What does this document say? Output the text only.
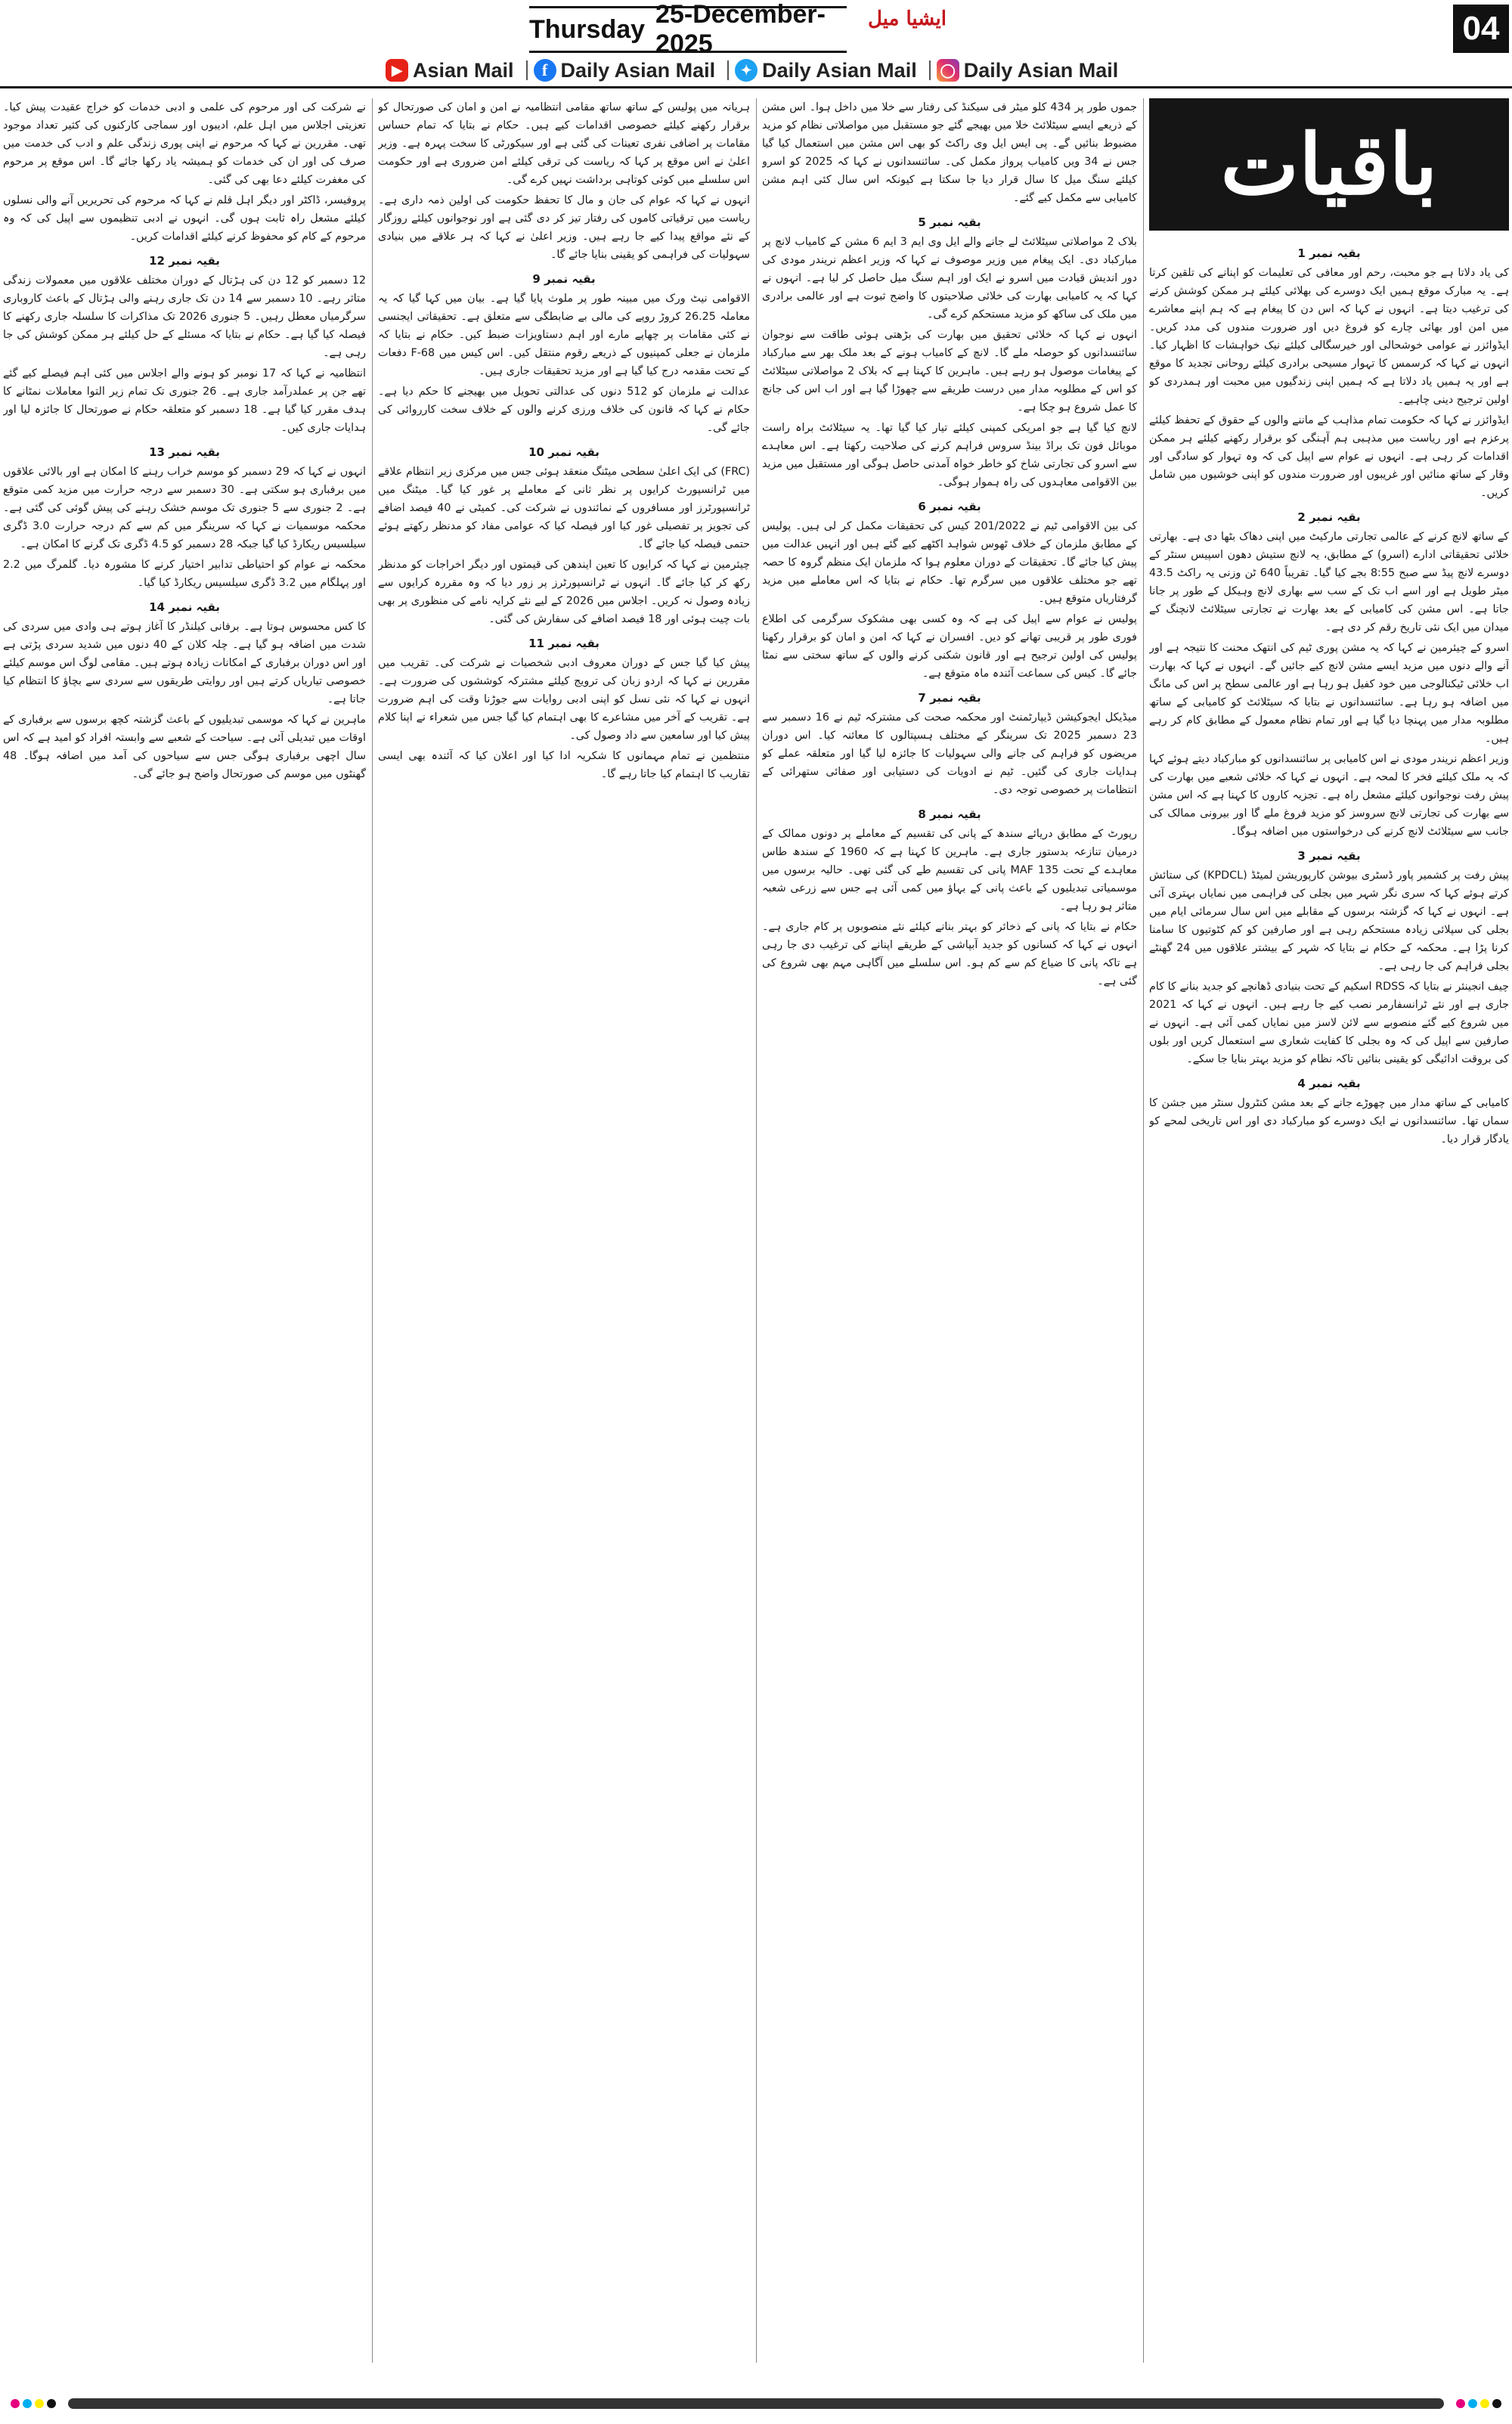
Thursday
25-December-2025
ایشیا میل	04
▶ Asian Mail	f Daily Asian Mail	✦ Daily Asian Mail ◯ Daily Asian Mail
باقیات
بقیہ نمبر 1

کی یاد دلاتا ہے جو محبت، رحم اور معافی کی تعلیمات کو اپنانے کی تلقین کرتا ہے۔ یہ مبارک موقع ہمیں ایک دوسرے کی بھلائی کیلئے ہر ممکن کوشش کرنے کی ترغیب دیتا ہے۔ انہوں نے کہا کہ اس دن کا پیغام ہے کہ ہم اپنے معاشرے میں امن اور بھائی چارے کو فروغ دیں اور ضرورت مندوں کی مدد کریں۔ ایڈوائزر نے عوامی خوشحالی اور خیرسگالی کیلئے نیک خواہشات کا اظہار کیا۔ انہوں نے کہا کہ کرسمس کا تہوار مسیحی برادری کیلئے روحانی تجدید کا موقع ہے اور یہ ہمیں یاد دلاتا ہے کہ ہمیں اپنی زندگیوں میں محبت اور ہمدردی کو اولین ترجیح دینی چاہیے۔

ایڈوائزر نے کہا کہ حکومت تمام مذاہب کے ماننے والوں کے حقوق کے تحفظ کیلئے پرعزم ہے اور ریاست میں مذہبی ہم آہنگی کو برقرار رکھنے کیلئے ہر ممکن اقدامات کر رہی ہے۔ انہوں نے عوام سے اپیل کی کہ وہ تہوار کو سادگی اور وقار کے ساتھ منائیں اور غریبوں اور ضرورت مندوں کو اپنی خوشیوں میں شامل کریں۔

بقیہ نمبر 2

کے ساتھ لانچ کرنے کے عالمی تجارتی مارکیٹ میں اپنی دھاک بٹھا دی ہے۔ بھارتی خلائی تحقیقاتی ادارے (اسرو) کے مطابق، یہ لانچ ستیش دھون اسپیس سنٹر کے دوسرے لانچ پیڈ سے صبح 8:55 بجے کیا گیا۔ تقریباً 640 ٹن وزنی یہ راکٹ 43.5 میٹر طویل ہے اور اسے اب تک کے سب سے بھاری لانچ وہیکل کے طور پر جانا جاتا ہے۔ اس مشن کی کامیابی کے بعد بھارت نے تجارتی سیٹلائٹ لانچنگ کے میدان میں ایک نئی تاریخ رقم کر دی ہے۔

اسرو کے چیئرمین نے کہا کہ یہ مشن پوری ٹیم کی انتھک محنت کا نتیجہ ہے اور آنے والے دنوں میں مزید ایسے مشن لانچ کیے جائیں گے۔ انہوں نے کہا کہ بھارت اب خلائی ٹیکنالوجی میں خود کفیل ہو رہا ہے اور عالمی سطح پر اس کی مانگ میں اضافہ ہو رہا ہے۔ سائنسدانوں نے بتایا کہ سیٹلائٹ کو کامیابی کے ساتھ مطلوبہ مدار میں پہنچا دیا گیا ہے اور تمام نظام معمول کے مطابق کام کر رہے ہیں۔

وزیر اعظم نریندر مودی نے اس کامیابی پر سائنسدانوں کو مبارکباد دیتے ہوئے کہا کہ یہ ملک کیلئے فخر کا لمحہ ہے۔ انہوں نے کہا کہ خلائی شعبے میں بھارت کی پیش رفت نوجوانوں کیلئے مشعل راہ ہے۔ تجزیہ کاروں کا کہنا ہے کہ اس مشن سے بھارت کی تجارتی لانچ سروسز کو مزید فروغ ملے گا اور بیرونی ممالک کی جانب سے سیٹلائٹ لانچ کرنے کی درخواستوں میں اضافہ ہوگا۔

بقیہ نمبر 3

پیش رفت پر کشمیر پاور ڈسٹری بیوشن کارپوریشن لمیٹڈ (KPDCL) کی ستائش کرتے ہوئے کہا کہ سری نگر شہر میں بجلی کی فراہمی میں نمایاں بہتری آئی ہے۔ انہوں نے کہا کہ گزشتہ برسوں کے مقابلے میں اس سال سرمائی ایام میں بجلی کی سپلائی زیادہ مستحکم رہی ہے اور صارفین کو کم کٹوتیوں کا سامنا کرنا پڑا ہے۔ محکمہ کے حکام نے بتایا کہ شہر کے بیشتر علاقوں میں 24 گھنٹے بجلی فراہم کی جا رہی ہے۔

چیف انجینئر نے بتایا کہ RDSS اسکیم کے تحت بنیادی ڈھانچے کو جدید بنانے کا کام جاری ہے اور نئے ٹرانسفارمر نصب کیے جا رہے ہیں۔ انہوں نے کہا کہ 2021 میں شروع کیے گئے منصوبے سے لائن لاسز میں نمایاں کمی آئی ہے۔ انہوں نے صارفین سے اپیل کی کہ وہ بجلی کا کفایت شعاری سے استعمال کریں اور بلوں کی بروقت ادائیگی کو یقینی بنائیں تاکہ نظام کو مزید بہتر بنایا جا سکے۔

بقیہ نمبر 4

کامیابی کے ساتھ مدار میں چھوڑے جانے کے بعد مشن کنٹرول سنٹر میں جشن کا سماں تھا۔ سائنسدانوں نے ایک دوسرے کو مبارکباد دی اور اس تاریخی لمحے کو یادگار قرار دیا۔

جموں طور پر 434 کلو میٹر فی سیکنڈ کی رفتار سے خلا میں داخل ہوا۔ اس مشن کے ذریعے ایسے سیٹلائٹ خلا میں بھیجے گئے جو مستقبل میں مواصلاتی نظام کو مزید مضبوط بنائیں گے۔ پی ایس ایل وی راکٹ کو بھی اس مشن میں استعمال کیا گیا جس نے 34 ویں کامیاب پرواز مکمل کی۔ سائنسدانوں نے کہا کہ 2025 کو اسرو کیلئے سنگ میل کا سال قرار دیا جا سکتا ہے کیونکہ اس سال کئی اہم مشن کامیابی سے مکمل کیے گئے۔

بقیہ نمبر 5

بلاک 2 مواصلاتی سیٹلائٹ لے جانے والے ایل وی ایم 3 ایم 6 مشن کے کامیاب لانچ پر مبارکباد دی۔ ایک پیغام میں وزیر موصوف نے کہا کہ وزیر اعظم نریندر مودی کی دور اندیش قیادت میں اسرو نے ایک اور اہم سنگ میل حاصل کر لیا ہے۔ انہوں نے کہا کہ یہ کامیابی بھارت کی خلائی صلاحیتوں کا واضح ثبوت ہے اور عالمی برادری میں ملک کی ساکھ کو مزید مستحکم کرے گی۔

انہوں نے کہا کہ خلائی تحقیق میں بھارت کی بڑھتی ہوئی طاقت سے نوجوان سائنسدانوں کو حوصلہ ملے گا۔ لانچ کے کامیاب ہونے کے بعد ملک بھر سے مبارکباد کے پیغامات موصول ہو رہے ہیں۔ ماہرین کا کہنا ہے کہ بلاک 2 مواصلاتی سیٹلائٹ کو اس کے مطلوبہ مدار میں درست طریقے سے چھوڑا گیا ہے اور اب اس کی جانچ کا عمل شروع ہو چکا ہے۔

لانچ کیا گیا ہے جو امریکی کمپنی کیلئے تیار کیا گیا تھا۔ یہ سیٹلائٹ براہ راست موبائل فون تک براڈ بینڈ سروس فراہم کرنے کی صلاحیت رکھتا ہے۔ اس معاہدے سے اسرو کی تجارتی شاخ کو خاطر خواہ آمدنی حاصل ہوگی اور مستقبل میں مزید بین الاقوامی معاہدوں کی راہ ہموار ہوگی۔

بقیہ نمبر 6

کی بین الاقوامی ٹیم نے 201/2022 کیس کی تحقیقات مکمل کر لی ہیں۔ پولیس کے مطابق ملزمان کے خلاف ٹھوس شواہد اکٹھے کیے گئے ہیں اور انہیں عدالت میں پیش کیا جائے گا۔ تحقیقات کے دوران معلوم ہوا کہ ملزمان ایک منظم گروہ کا حصہ تھے جو مختلف علاقوں میں سرگرم تھا۔ حکام نے بتایا کہ اس معاملے میں مزید گرفتاریاں متوقع ہیں۔

پولیس نے عوام سے اپیل کی ہے کہ وہ کسی بھی مشکوک سرگرمی کی اطلاع فوری طور پر قریبی تھانے کو دیں۔ افسران نے کہا کہ امن و امان کو برقرار رکھنا پولیس کی اولین ترجیح ہے اور قانون شکنی کرنے والوں کے ساتھ سختی سے نمٹا جائے گا۔ کیس کی سماعت آئندہ ماہ متوقع ہے۔

بقیہ نمبر 7

میڈیکل ایجوکیشن ڈیپارٹمنٹ اور محکمہ صحت کی مشترکہ ٹیم نے 16 دسمبر سے 23 دسمبر 2025 تک سرینگر کے مختلف ہسپتالوں کا معائنہ کیا۔ اس دوران مریضوں کو فراہم کی جانے والی سہولیات کا جائزہ لیا گیا اور متعلقہ عملے کو ہدایات جاری کی گئیں۔ ٹیم نے ادویات کی دستیابی اور صفائی ستھرائی کے انتظامات پر خصوصی توجہ دی۔

بقیہ نمبر 8

رپورٹ کے مطابق دریائے سندھ کے پانی کی تقسیم کے معاملے پر دونوں ممالک کے درمیان تنازعہ بدستور جاری ہے۔ ماہرین کا کہنا ہے کہ 1960 کے سندھ طاس معاہدے کے تحت 135 MAF پانی کی تقسیم طے کی گئی تھی۔ حالیہ برسوں میں موسمیاتی تبدیلیوں کے باعث پانی کے بہاؤ میں کمی آئی ہے جس سے زرعی شعبہ متاثر ہو رہا ہے۔

حکام نے بتایا کہ پانی کے ذخائر کو بہتر بنانے کیلئے نئے منصوبوں پر کام جاری ہے۔ انہوں نے کہا کہ کسانوں کو جدید آبپاشی کے طریقے اپنانے کی ترغیب دی جا رہی ہے تاکہ پانی کا ضیاع کم سے کم ہو۔ اس سلسلے میں آگاہی مہم بھی شروع کی گئی ہے۔

ہریانہ میں پولیس کے ساتھ ساتھ مقامی انتظامیہ نے امن و امان کی صورتحال کو برقرار رکھنے کیلئے خصوصی اقدامات کیے ہیں۔ حکام نے بتایا کہ تمام حساس مقامات پر اضافی نفری تعینات کی گئی ہے اور سیکورٹی کا سخت پہرہ ہے۔ وزیر اعلیٰ نے اس موقع پر کہا کہ ریاست کی ترقی کیلئے امن ضروری ہے اور حکومت اس سلسلے میں کوئی کوتاہی برداشت نہیں کرے گی۔

انہوں نے کہا کہ عوام کی جان و مال کا تحفظ حکومت کی اولین ذمہ داری ہے۔ ریاست میں ترقیاتی کاموں کی رفتار تیز کر دی گئی ہے اور نوجوانوں کیلئے روزگار کے نئے مواقع پیدا کیے جا رہے ہیں۔ وزیر اعلیٰ نے کہا کہ ہر علاقے میں بنیادی سہولیات کی فراہمی کو یقینی بنایا جائے گا۔

بقیہ نمبر 9

الاقوامی نیٹ ورک میں مبینہ طور پر ملوث پایا گیا ہے۔ بیان میں کہا گیا کہ یہ معاملہ 26.25 کروڑ روپے کی مالی بے ضابطگی سے متعلق ہے۔ تحقیقاتی ایجنسی نے کئی مقامات پر چھاپے مارے اور اہم دستاویزات ضبط کیں۔ حکام نے بتایا کہ ملزمان نے جعلی کمپنیوں کے ذریعے رقوم منتقل کیں۔ اس کیس میں F-68 دفعات کے تحت مقدمہ درج کیا گیا ہے اور مزید تحقیقات جاری ہیں۔

عدالت نے ملزمان کو 512 دنوں کی عدالتی تحویل میں بھیجنے کا حکم دیا ہے۔ حکام نے کہا کہ قانون کی خلاف ورزی کرنے والوں کے خلاف سخت کارروائی کی جائے گی۔

بقیہ نمبر 10

(FRC) کی ایک اعلیٰ سطحی میٹنگ منعقد ہوئی جس میں مرکزی زیر انتظام علاقے میں ٹرانسپورٹ کرایوں پر نظر ثانی کے معاملے پر غور کیا گیا۔ میٹنگ میں ٹرانسپورٹرز اور مسافروں کے نمائندوں نے شرکت کی۔ کمیٹی نے 40 فیصد اضافے کی تجویز پر تفصیلی غور کیا اور فیصلہ کیا کہ عوامی مفاد کو مدنظر رکھتے ہوئے حتمی فیصلہ کیا جائے گا۔

چیئرمین نے کہا کہ کرایوں کا تعین ایندھن کی قیمتوں اور دیگر اخراجات کو مدنظر رکھ کر کیا جائے گا۔ انہوں نے ٹرانسپورٹرز پر زور دیا کہ وہ مقررہ کرایوں سے زیادہ وصول نہ کریں۔ اجلاس میں 2026 کے لیے نئے کرایہ نامے کی منظوری پر بھی بات چیت ہوئی اور 18 فیصد اضافے کی سفارش کی گئی۔

بقیہ نمبر 11

پیش کیا گیا جس کے دوران معروف ادبی شخصیات نے شرکت کی۔ تقریب میں مقررین نے کہا کہ اردو زبان کی ترویج کیلئے مشترکہ کوششوں کی ضرورت ہے۔ انہوں نے کہا کہ نئی نسل کو اپنی ادبی روایات سے جوڑنا وقت کی اہم ضرورت ہے۔ تقریب کے آخر میں مشاعرے کا بھی اہتمام کیا گیا جس میں شعراء نے اپنا کلام پیش کیا اور سامعین سے داد وصول کی۔

منتظمین نے تمام مہمانوں کا شکریہ ادا کیا اور اعلان کیا کہ آئندہ بھی ایسی تقاریب کا اہتمام کیا جاتا رہے گا۔

نے شرکت کی اور مرحوم کی علمی و ادبی خدمات کو خراج عقیدت پیش کیا۔ تعزیتی اجلاس میں اہل علم، ادیبوں اور سماجی کارکنوں کی کثیر تعداد موجود تھی۔ مقررین نے کہا کہ مرحوم نے اپنی پوری زندگی علم و ادب کی خدمت میں صرف کی اور ان کی خدمات کو ہمیشہ یاد رکھا جائے گا۔ اس موقع پر مرحوم کی مغفرت کیلئے دعا بھی کی گئی۔

پروفیسر، ڈاکٹر اور دیگر اہل قلم نے کہا کہ مرحوم کی تحریریں آنے والی نسلوں کیلئے مشعل راہ ثابت ہوں گی۔ انہوں نے ادبی تنظیموں سے اپیل کی کہ وہ مرحوم کے کام کو محفوظ کرنے کیلئے اقدامات کریں۔

بقیہ نمبر 12

12 دسمبر کو 12 دن کی ہڑتال کے دوران مختلف علاقوں میں معمولات زندگی متاثر رہے۔ 10 دسمبر سے 14 دن تک جاری رہنے والی ہڑتال کے باعث کاروباری سرگرمیاں معطل رہیں۔ 5 جنوری 2026 تک مذاکرات کا سلسلہ جاری رکھنے کا فیصلہ کیا گیا ہے۔ حکام نے بتایا کہ مسئلے کے حل کیلئے ہر ممکن کوشش کی جا رہی ہے۔

انتظامیہ نے کہا کہ 17 نومبر کو ہونے والے اجلاس میں کئی اہم فیصلے کیے گئے تھے جن پر عملدرآمد جاری ہے۔ 26 جنوری تک تمام زیر التوا معاملات نمٹانے کا ہدف مقرر کیا گیا ہے۔ 18 دسمبر کو متعلقہ حکام نے صورتحال کا جائزہ لیا اور ہدایات جاری کیں۔

بقیہ نمبر 13

انہوں نے کہا کہ 29 دسمبر کو موسم خراب رہنے کا امکان ہے اور بالائی علاقوں میں برفباری ہو سکتی ہے۔ 30 دسمبر سے درجہ حرارت میں مزید کمی متوقع ہے۔ 2 جنوری سے 5 جنوری تک موسم خشک رہنے کی پیش گوئی کی گئی ہے۔ محکمہ موسمیات نے کہا کہ سرینگر میں کم سے کم درجہ حرارت 3.0 ڈگری سیلسیس ریکارڈ کیا گیا جبکہ 28 دسمبر کو 4.5 ڈگری تک گرنے کا امکان ہے۔

محکمہ نے عوام کو احتیاطی تدابیر اختیار کرنے کا مشورہ دیا۔ گلمرگ میں 2.2 اور پہلگام میں 3.2 ڈگری سیلسیس ریکارڈ کیا گیا۔

بقیہ نمبر 14

کا کس محسوس ہوتا ہے۔ برفانی کیلنڈر کا آغاز ہوتے ہی وادی میں سردی کی شدت میں اضافہ ہو گیا ہے۔ چلہ کلان کے 40 دنوں میں شدید سردی پڑتی ہے اور اس دوران برفباری کے امکانات زیادہ ہوتے ہیں۔ مقامی لوگ اس موسم کیلئے خصوصی تیاریاں کرتے ہیں اور روایتی طریقوں سے سردی سے بچاؤ کا انتظام کیا جاتا ہے۔

ماہرین نے کہا کہ موسمی تبدیلیوں کے باعث گزشتہ کچھ برسوں سے برفباری کے اوقات میں تبدیلی آئی ہے۔ سیاحت کے شعبے سے وابستہ افراد کو امید ہے کہ اس سال اچھی برفباری ہوگی جس سے سیاحوں کی آمد میں اضافہ ہوگا۔ 48 گھنٹوں میں موسم کی صورتحال واضح ہو جائے گی۔
